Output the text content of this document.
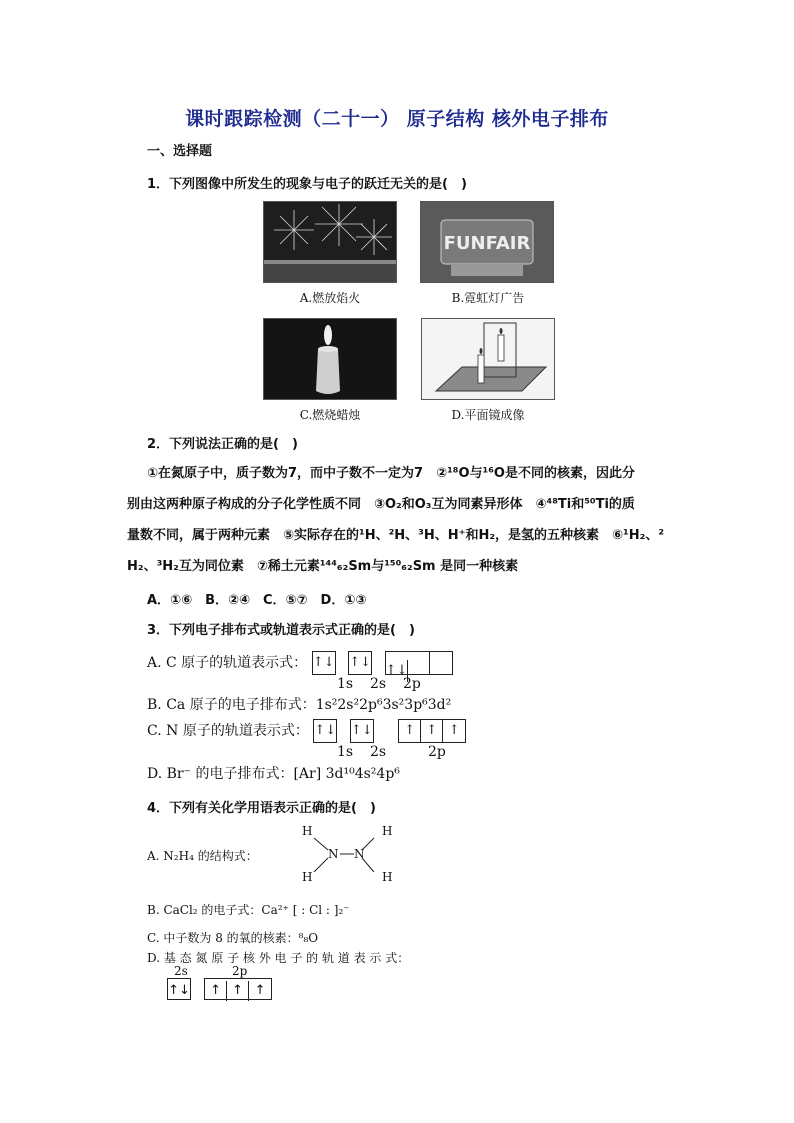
课时跟踪检测（二十一） 原子结构 核外电子排布
一、选择题
1．下列图像中所发生的现象与电子的跃迁无关的是(　)
FUNFAIR
A.燃放焰火	B.霓虹灯广告
C.燃烧蜡烛	D.平面镜成像
2．下列说法正确的是(　)
①在氮原子中，质子数为7，而中子数不一定为7　②¹⁸O与¹⁶O是不同的核素，因此分
别由这两种原子构成的分子化学性质不同　③O₂和O₃互为同素异形体　④⁴⁸Ti和⁵⁰Ti的质
量数不同，属于两种元素　⑤实际存在的¹H、²H、³H、H⁺和H₂，是氢的五种核素　⑥¹H₂、²
H₂、³H₂互为同位素　⑦稀土元素¹⁴⁴₆₂Sm与¹⁵⁰₆₂Sm 是同一种核素
A．①⑥　B．②④　C．⑤⑦　D．①③
3．下列电子排布式或轨道表示式正确的是(　)
A. C 原子的轨道表示式： ↑↓ ↑↓ ↑↓
1s 2s 2p
B. Ca 原子的电子排布式：1s²2s²2p⁶3s²3p⁶3d²
C. N 原子的轨道表示式： ↑↓ ↑↓ ↑ ↑ ↑
1s 2s	2p
D. Br⁻ 的电子排布式：[Ar] 3d¹⁰4s²4p⁶
4．下列有关化学用语表示正确的是(　)
A. N₂H₄ 的结构式：
H	H
N N
H	H
B. CaCl₂ 的电子式：Ca²⁺ [ : Cl : ]₂⁻
C. 中子数为 8 的氧的核素：⁸₈O
D. 基 态 氮 原 子 核 外 电 子 的 轨 道 表 示 式：
2s	2p
↑↓ ↑ ↑ ↑
